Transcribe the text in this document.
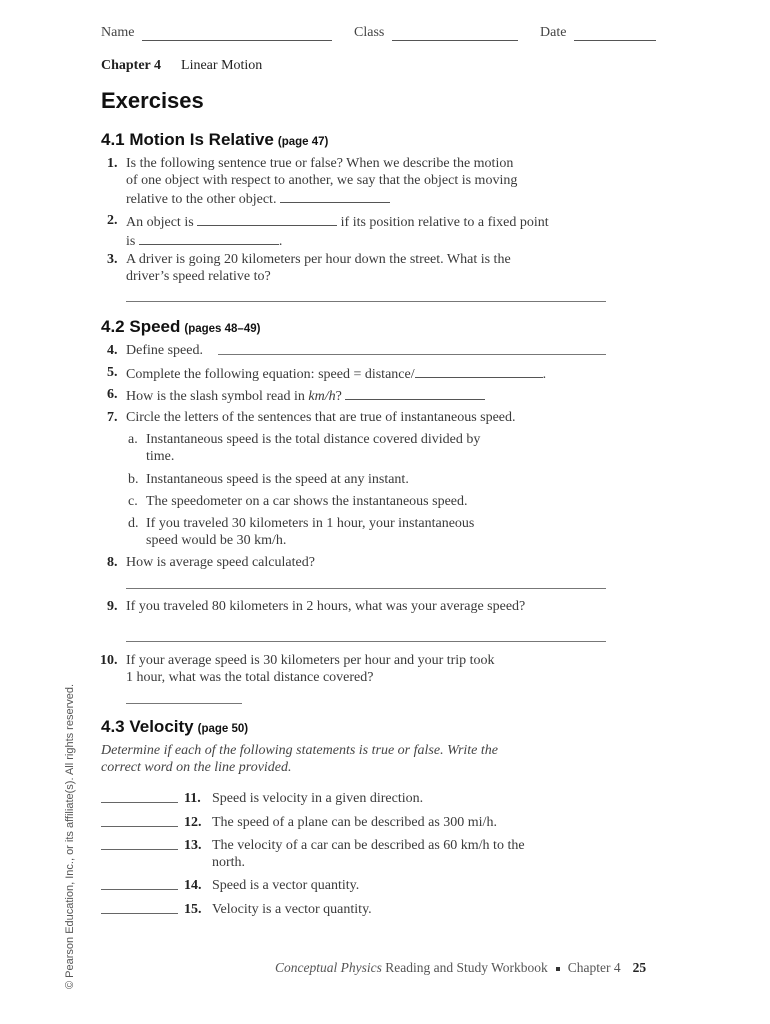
Name	Class	Date
Chapter 4 Linear Motion
Exercises
4.1 Motion Is Relative (page 47)
1. Is the following sentence true or false? When we describe the motion
of one object with respect to another, we say that the object is moving
relative to the other object.
2. An object is	if its position relative to a fixed point
is	.
3. A driver is going 20 kilometers per hour down the street. What is the
driver’s speed relative to?
4.2 Speed (pages 48–49)
4. Define speed.
5. Complete the following equation: speed = distance/	.
6. How is the slash symbol read in km/h?
7. Circle the letters of the sentences that are true of instantaneous speed.
a. Instantaneous speed is the total distance covered divided by
time.
b. Instantaneous speed is the speed at any instant.
c. The speedometer on a car shows the instantaneous speed.
d. If you traveled 30 kilometers in 1 hour, your instantaneous
speed would be 30 km/h.
8. How is average speed calculated?
9. If you traveled 80 kilometers in 2 hours, what was your average speed?
10. If your average speed is 30 kilometers per hour and your trip took
1 hour, what was the total distance covered?
4.3 Velocity (page 50)
Determine if each of the following statements is true or false. Write the
correct word on the line provided.
11. Speed is velocity in a given direction.
12. The speed of a plane can be described as 300 mi/h.
13. The velocity of a car can be described as 60 km/h to the
north.
14. Speed is a vector quantity.
15. Velocity is a vector quantity.
© Pearson Education, Inc., or its affiliate(s). All rights reserved.	Conceptual Physics Reading and Study Workbook Chapter 4 25
